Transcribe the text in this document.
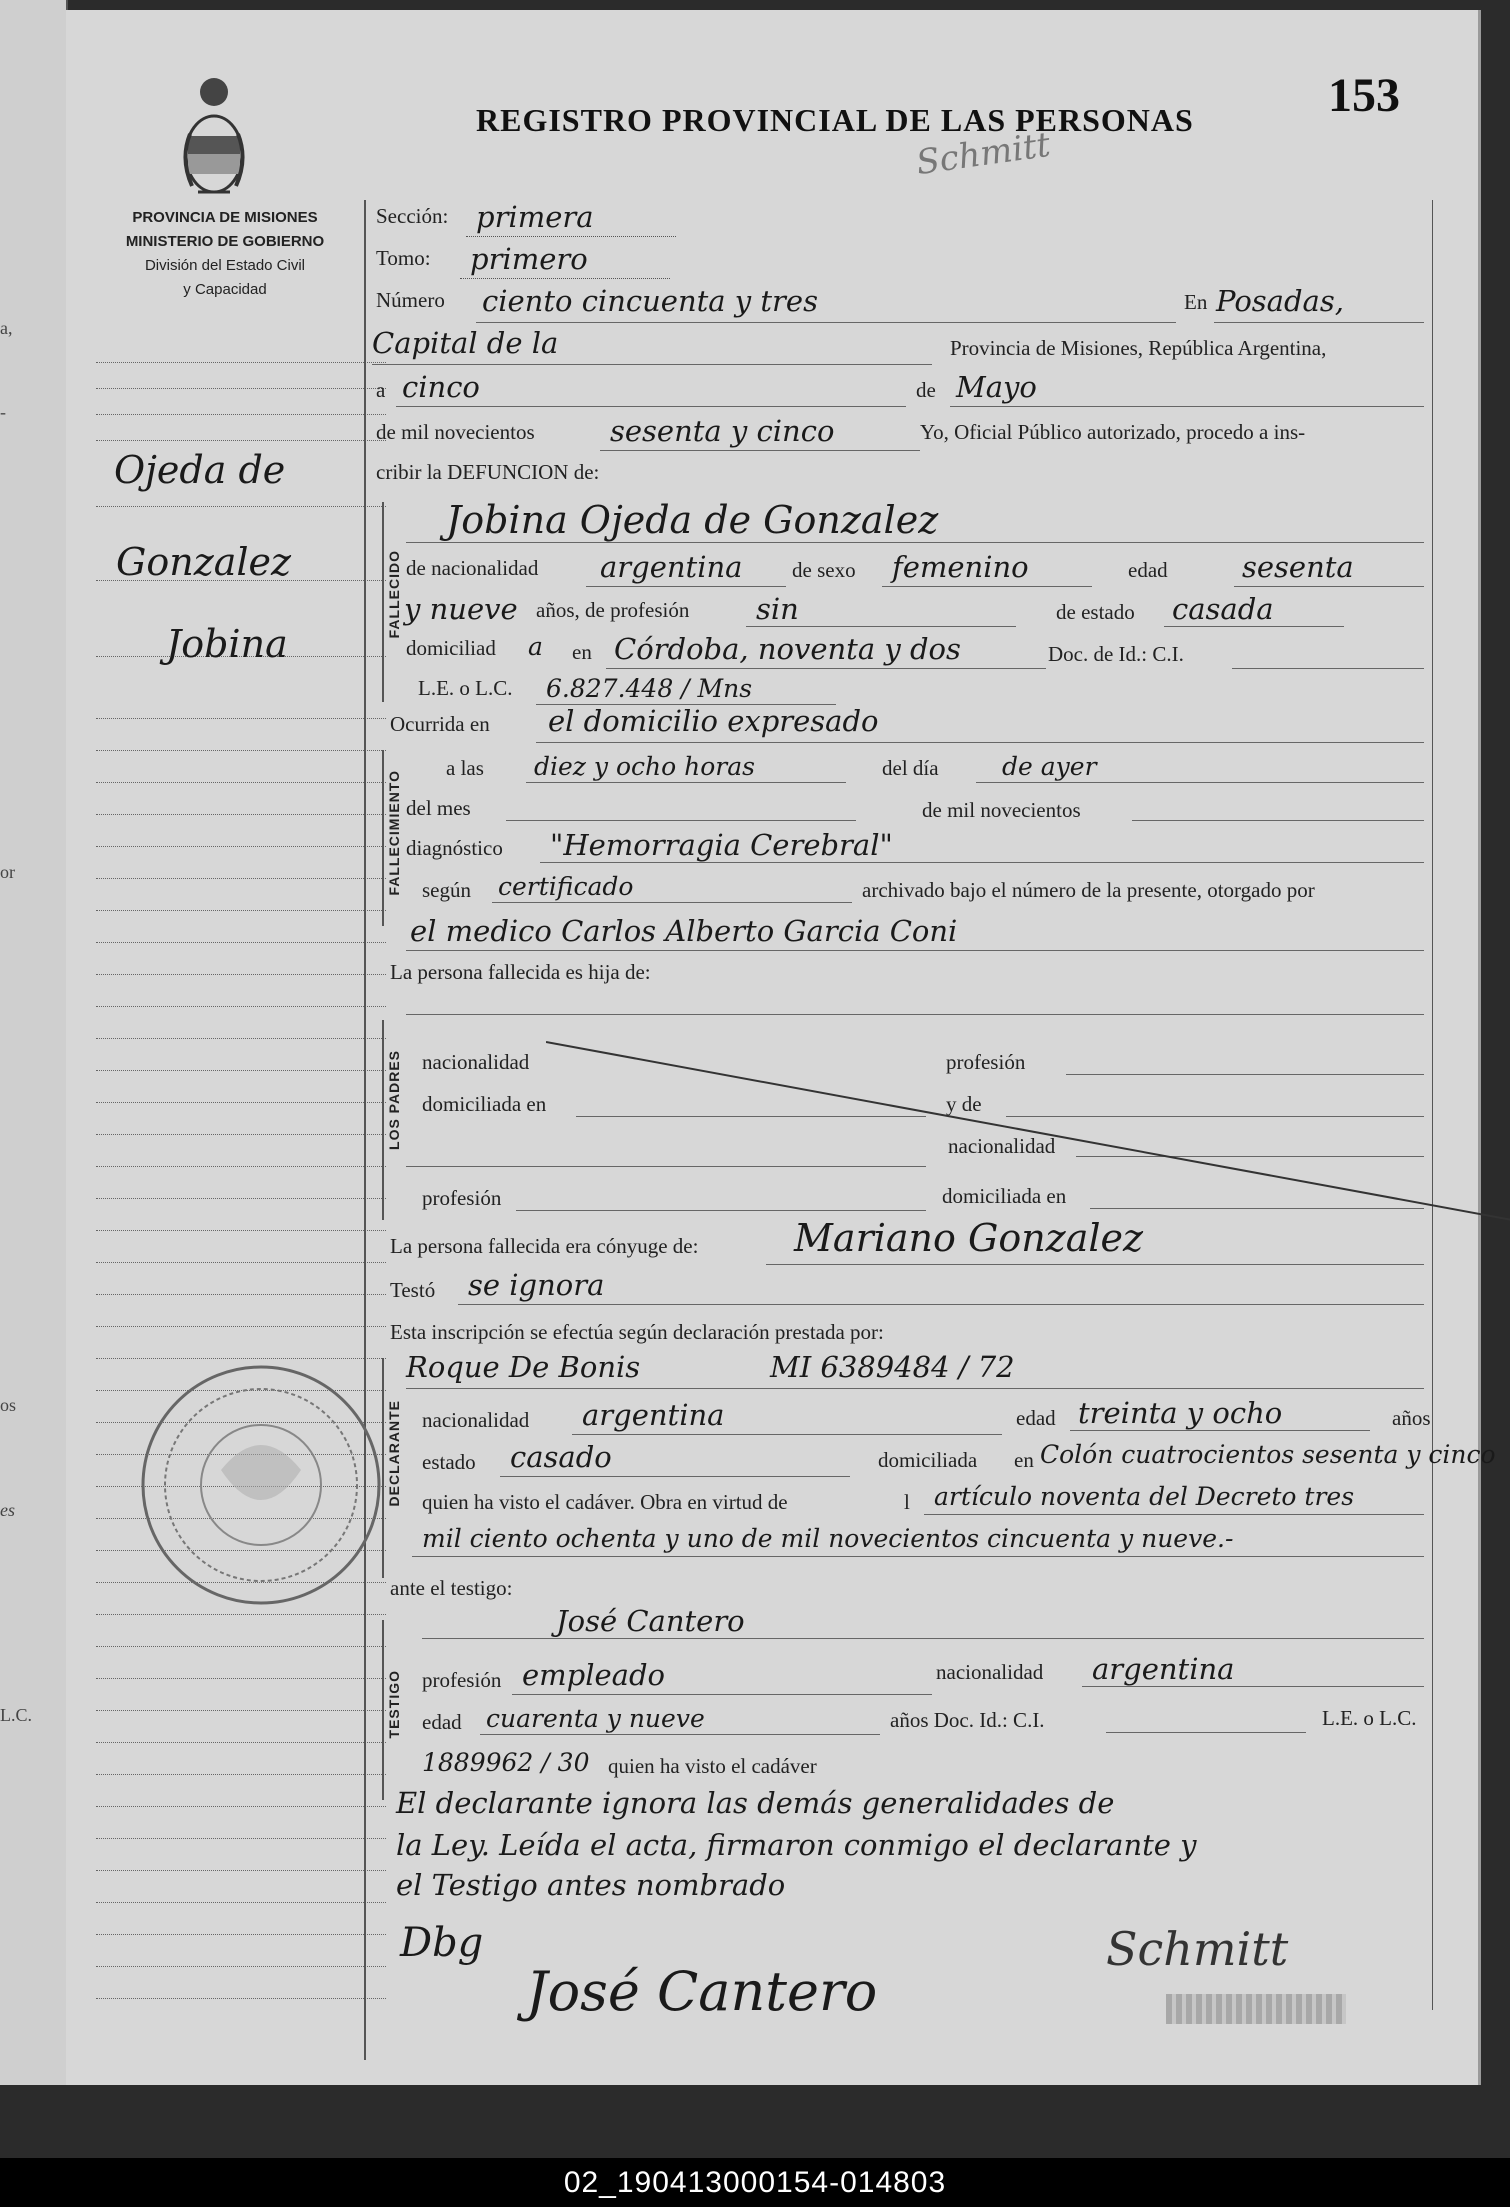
a,
-
or
os
es
L.C.
REGISTRO PROVINCIAL DE LAS PERSONAS	153
Schmitt
PROVINCIA DE MISIONES
MINISTERIO DE GOBIERNO
División del Estado Civil
y Capacidad
Ojeda de
Gonzalez
Jobina
Sección: primera
Tomo: primero
Número ciento cincuenta y tres	En Posadas,
Capital de la	Provincia de Misiones, República Argentina,
a cinco	de Mayo
de mil novecientos	sesenta y cinco	Yo, Oficial Público autorizado, procedo a ins-
cribir la DEFUNCION de:
FALLECIDO
Jobina Ojeda de Gonzalez
de nacionalidad argentina de sexo femenino	edad	sesenta
y nueve años, de profesión sin	de estado casada
domiciliad a en Córdoba, noventa y dos	Doc. de Id.: C.I.
L.E. o L.C. 6.827.448 / Mns
Ocurrida en el domicilio expresado
FALLECIMIENTO
a las diez y ocho horas	del día	de ayer
del mes	de mil novecientos
diagnóstico "Hemorragia Cerebral"
según certificado	archivado bajo el número de la presente, otorgado por
el medico Carlos Alberto Garcia Coni
La persona fallecida es hija de:
LOS PADRES nacionalidad	profesión
domiciliada en	y de
nacionalidad
profesión	domiciliada en
La persona fallecida era cónyuge de:	Mariano Gonzalez
Testó se ignora
Esta inscripción se efectúa según declaración prestada por:
DECLARANTE
Roque De Bonis	MI 6389484 / 72
nacionalidad argentina	edad treinta y ocho	años
estado casado	domiciliada en Colón cuatrocientos sesenta y cinco
quien ha visto el cadáver. Obra en virtud de	l artículo noventa del Decreto tres
mil ciento ochenta y uno de mil novecientos cincuenta y nueve.-
ante el testigo:
TESTIGO
José Cantero
profesión empleado	nacionalidad argentina
edad cuarenta y nueve	años Doc. Id.: C.I.	L.E. o L.C.
1889962 / 30 quien ha visto el cadáver
El declarante ignora las demás generalidades de
la Ley. Leída el acta, firmaron conmigo el declarante y
el Testigo antes nombrado
Dbg
José Cantero
Schmitt
02_190413000154-014803
